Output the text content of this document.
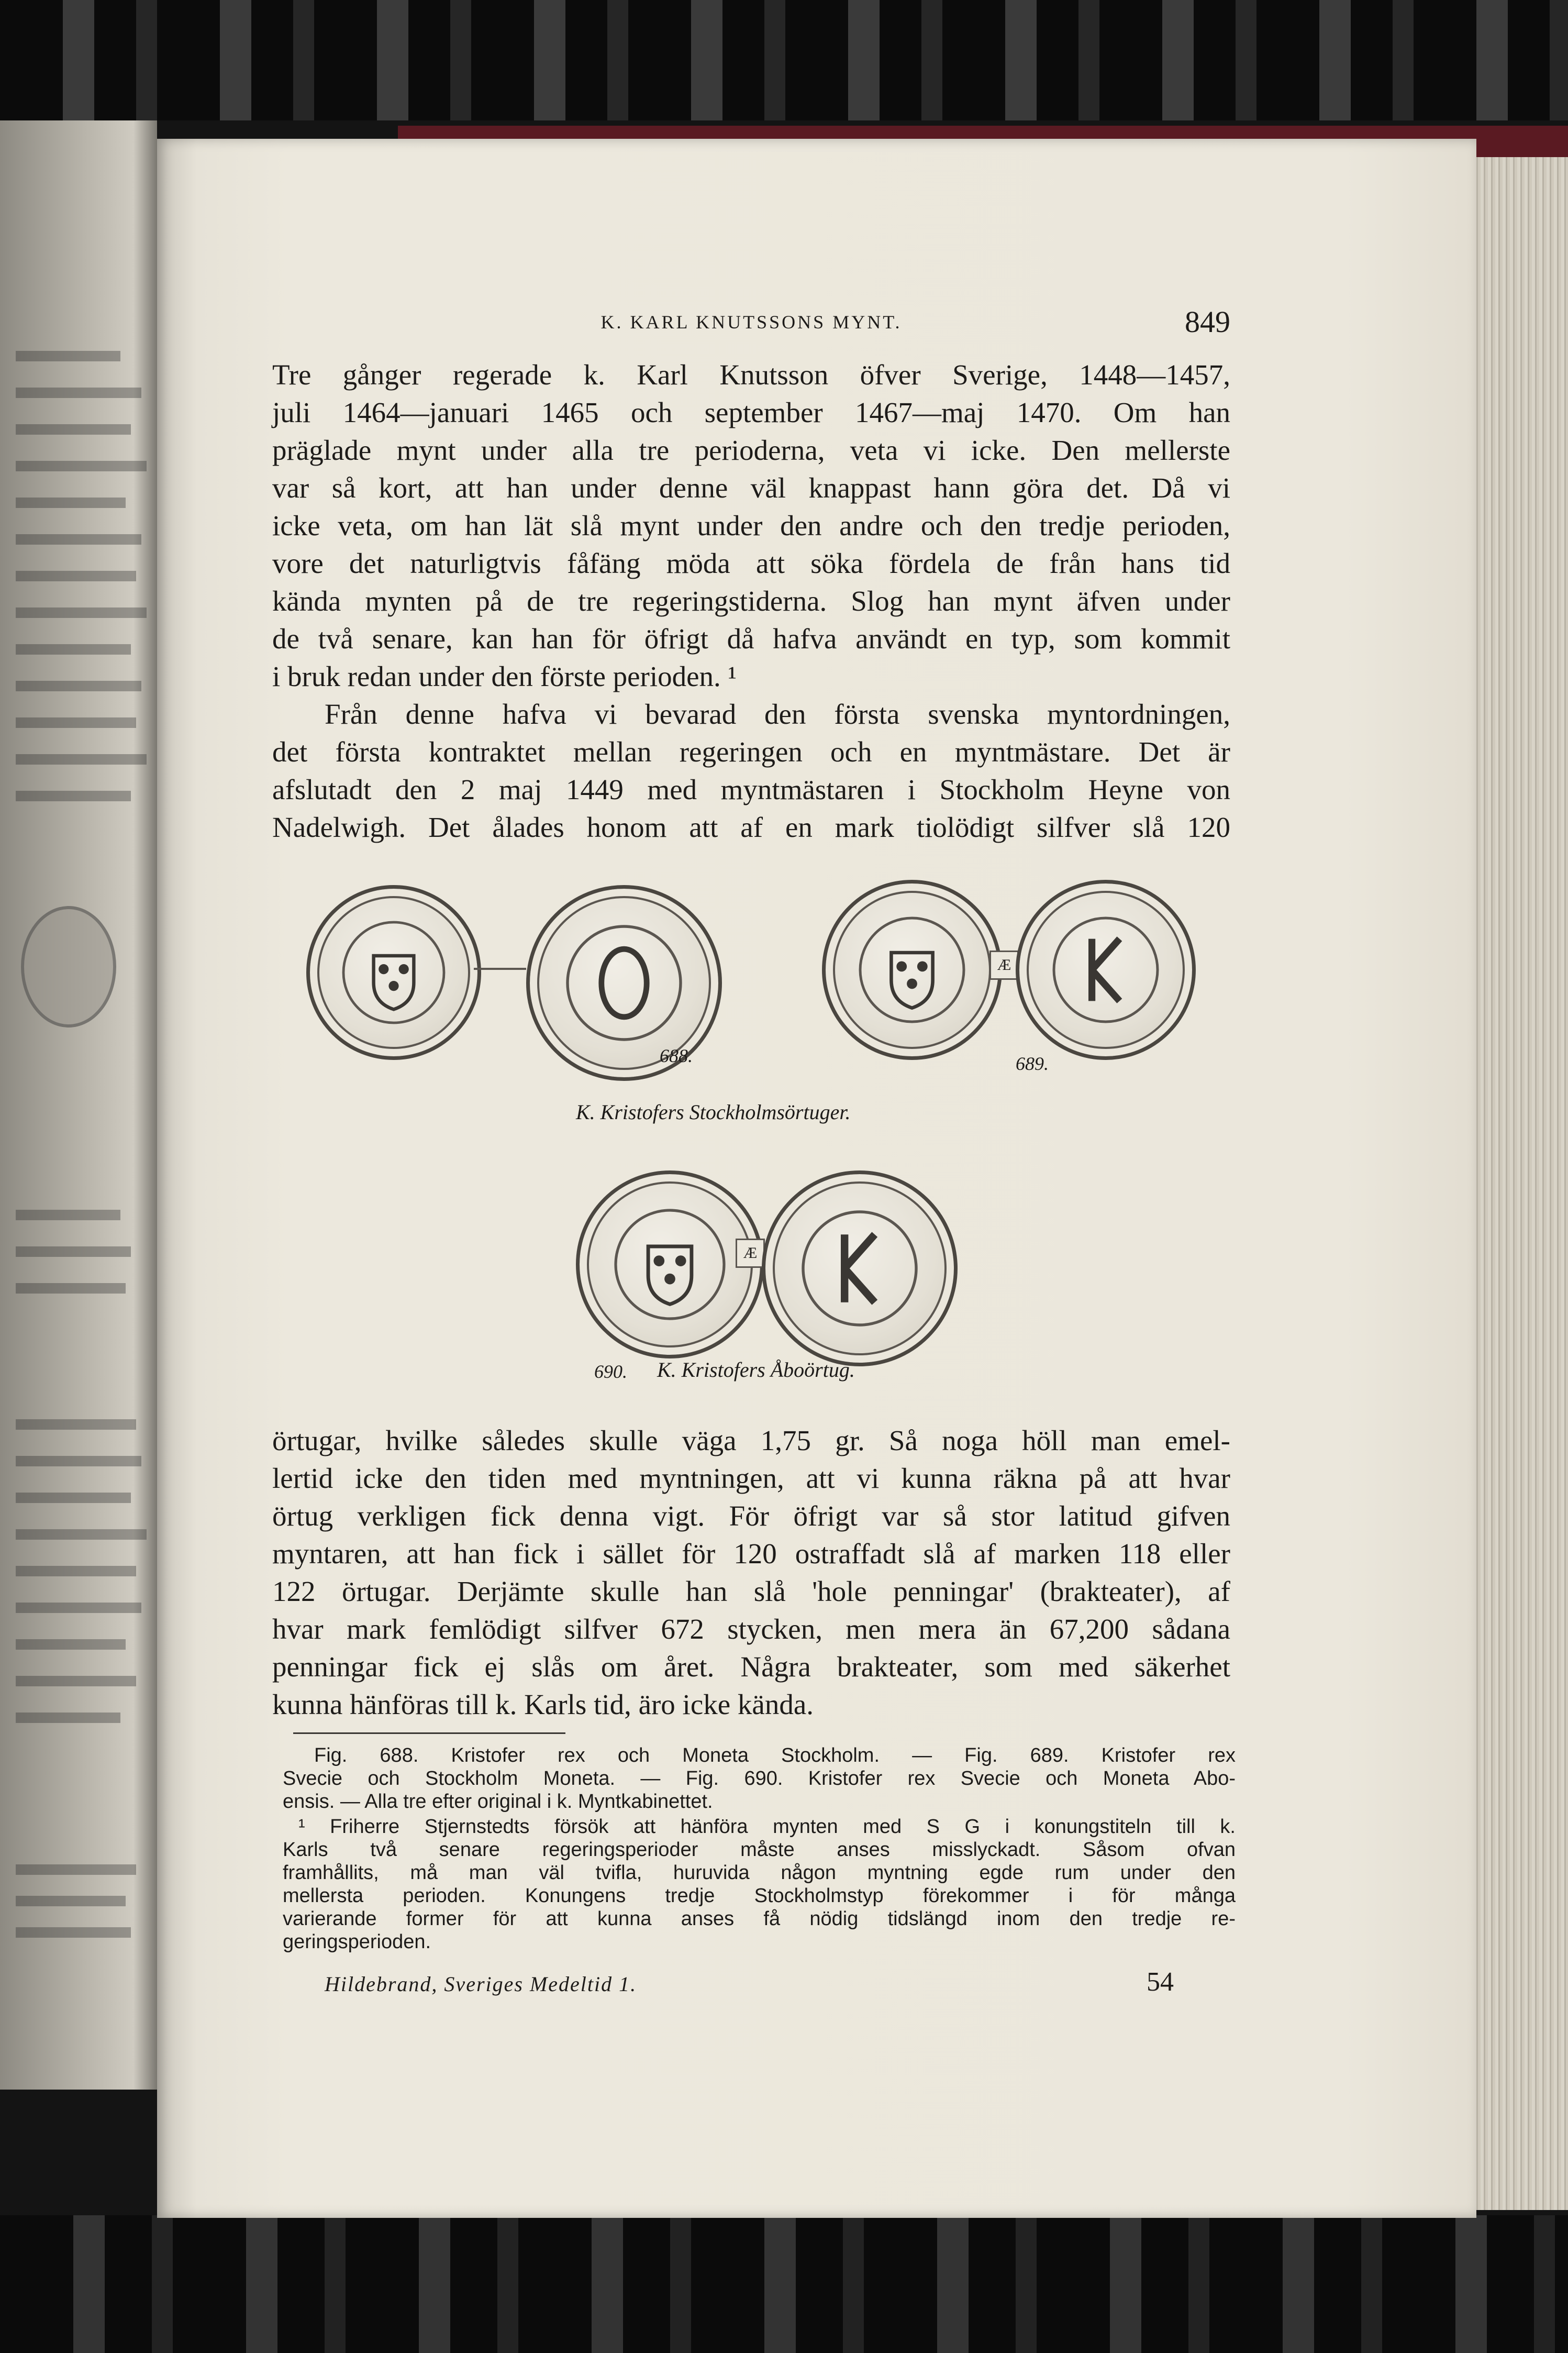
K. KARL KNUTSSONS MYNT.	849

Tre gånger regerade k. Karl Knutsson öfver Sverige, 1448—1457,
juli 1464—januari 1465 och september 1467—maj 1470. Om han
präglade mynt under alla tre perioderna, veta vi icke. Den mellerste
var så kort, att han under denne väl knappast hann göra det. Då vi
icke veta, om han lät slå mynt under den andre och den tredje perioden,
vore det naturligtvis fåfäng möda att söka fördela de från hans tid
kända mynten på de tre regeringstiderna. Slog han mynt äfven under
de två senare, kan han för öfrigt då hafva användt en typ, som kommit
i bruk redan under den förste perioden. ¹

Från denne hafva vi bevarad den första svenska myntordningen,
det första kontraktet mellan regeringen och en myntmästare. Det är
afslutadt den 2 maj 1449 med myntmästaren i Stockholm Heyne von
Nadelwigh. Det ålades honom att af en mark tiolödigt silfver slå 120

688.
Æ
689.
K. Kristofers Stockholmsörtuger.
Æ
690. K. Kristofers Åboörtug.

örtugar, hvilke således skulle väga 1,75 gr. Så noga höll man emel-
lertid icke den tiden med myntningen, att vi kunna räkna på att hvar
örtug verkligen fick denna vigt. För öfrigt var så stor latitud gifven
myntaren, att han fick i sället för 120 ostraffadt slå af marken 118 eller
122 örtugar. Derjämte skulle han slå 'hole penningar' (brakteater), af
hvar mark femlödigt silfver 672 stycken, men mera än 67,200 sådana
penningar fick ej slås om året. Några brakteater, som med säkerhet
kunna hänföras till k. Karls tid, äro icke kända.

Fig. 688. Kristofer rex och Moneta Stockholm. — Fig. 689. Kristofer rex
Svecie och Stockholm Moneta. — Fig. 690. Kristofer rex Svecie och Moneta Abo-
ensis. — Alla tre efter original i k. Myntkabinettet.

¹ Friherre Stjernstedts försök att hänföra mynten med S G i konungstiteln till k.
Karls två senare regeringsperioder måste anses misslyckadt. Såsom ofvan
framhållits, må man väl tvifla, huruvida någon myntning egde rum under den
mellersta perioden. Konungens tredje Stockholmstyp förekommer i för många
varierande former för att kunna anses få nödig tidslängd inom den tredje re-
geringsperioden.

Hildebrand, Sveriges Medeltid 1.	54
